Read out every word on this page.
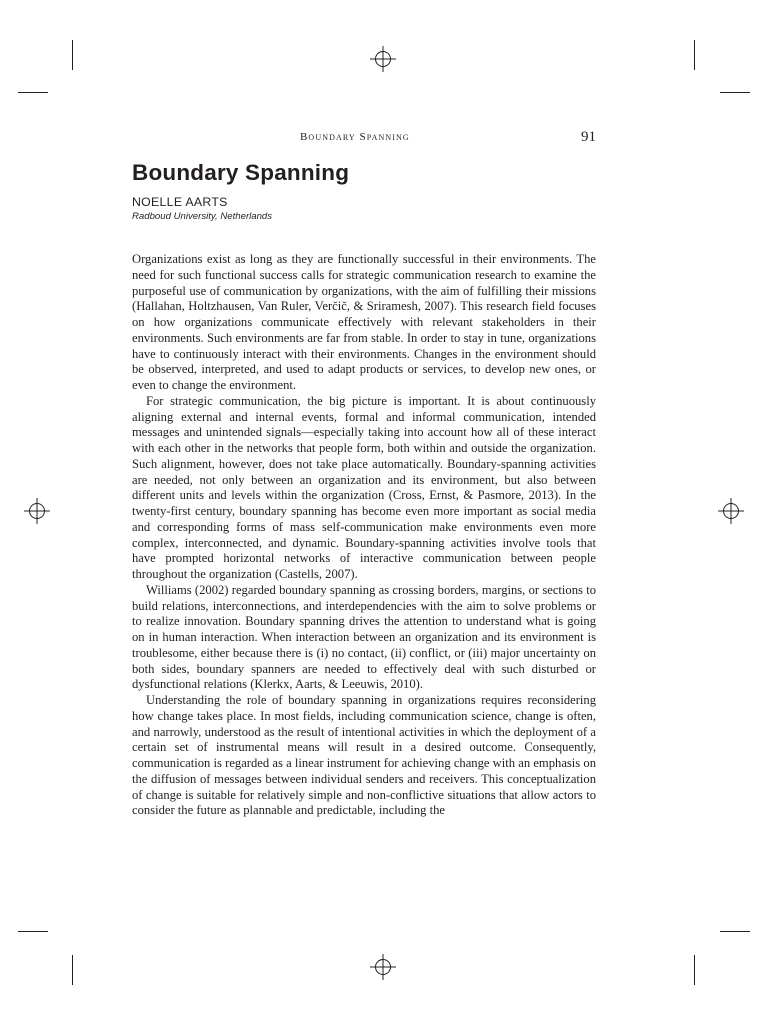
Boundary Spanning	91
Boundary Spanning
NOELLE AARTS
Radboud University, Netherlands

Organizations exist as long as they are functionally successful in their environments. The need for such functional success calls for strategic communication research to examine the purposeful use of communication by organizations, with the aim of fulfilling their missions (Hallahan, Holtzhausen, Van Ruler, Verčič, & Sriramesh, 2007). This research field focuses on how organizations communicate effectively with relevant stakeholders in their environments. Such environments are far from stable. In order to stay in tune, organizations have to continuously interact with their environments. Changes in the environment should be observed, interpreted, and used to adapt products or services, to develop new ones, or even to change the environment.

For strategic communication, the big picture is important. It is about continuously aligning external and internal events, formal and informal communication, intended messages and unintended signals—especially taking into account how all of these interact with each other in the networks that people form, both within and outside the organization. Such alignment, however, does not take place automatically. Boundary-spanning activities are needed, not only between an organization and its environment, but also between different units and levels within the organization (Cross, Ernst, & Pasmore, 2013). In the twenty-first century, boundary spanning has become even more important as social media and corresponding forms of mass self-communication make environments even more complex, interconnected, and dynamic. Boundary-spanning activities involve tools that have prompted horizontal networks of interactive communication between people throughout the organization (Castells, 2007).

Williams (2002) regarded boundary spanning as crossing borders, margins, or sections to build relations, interconnections, and interdependencies with the aim to solve problems or to realize innovation. Boundary spanning drives the attention to understand what is going on in human interaction. When interaction between an organization and its environment is troublesome, either because there is (i) no contact, (ii) conflict, or (iii) major uncertainty on both sides, boundary spanners are needed to effectively deal with such disturbed or dysfunctional relations (Klerkx, Aarts, & Leeuwis, 2010).

Understanding the role of boundary spanning in organizations requires reconsidering how change takes place. In most fields, including communication science, change is often, and narrowly, understood as the result of intentional activities in which the deployment of a certain set of instrumental means will result in a desired outcome. Consequently, communication is regarded as a linear instrument for achieving change with an emphasis on the diffusion of messages between individual senders and receivers. This conceptualization of change is suitable for relatively simple and non-conflictive situations that allow actors to consider the future as plannable and predictable, including the
